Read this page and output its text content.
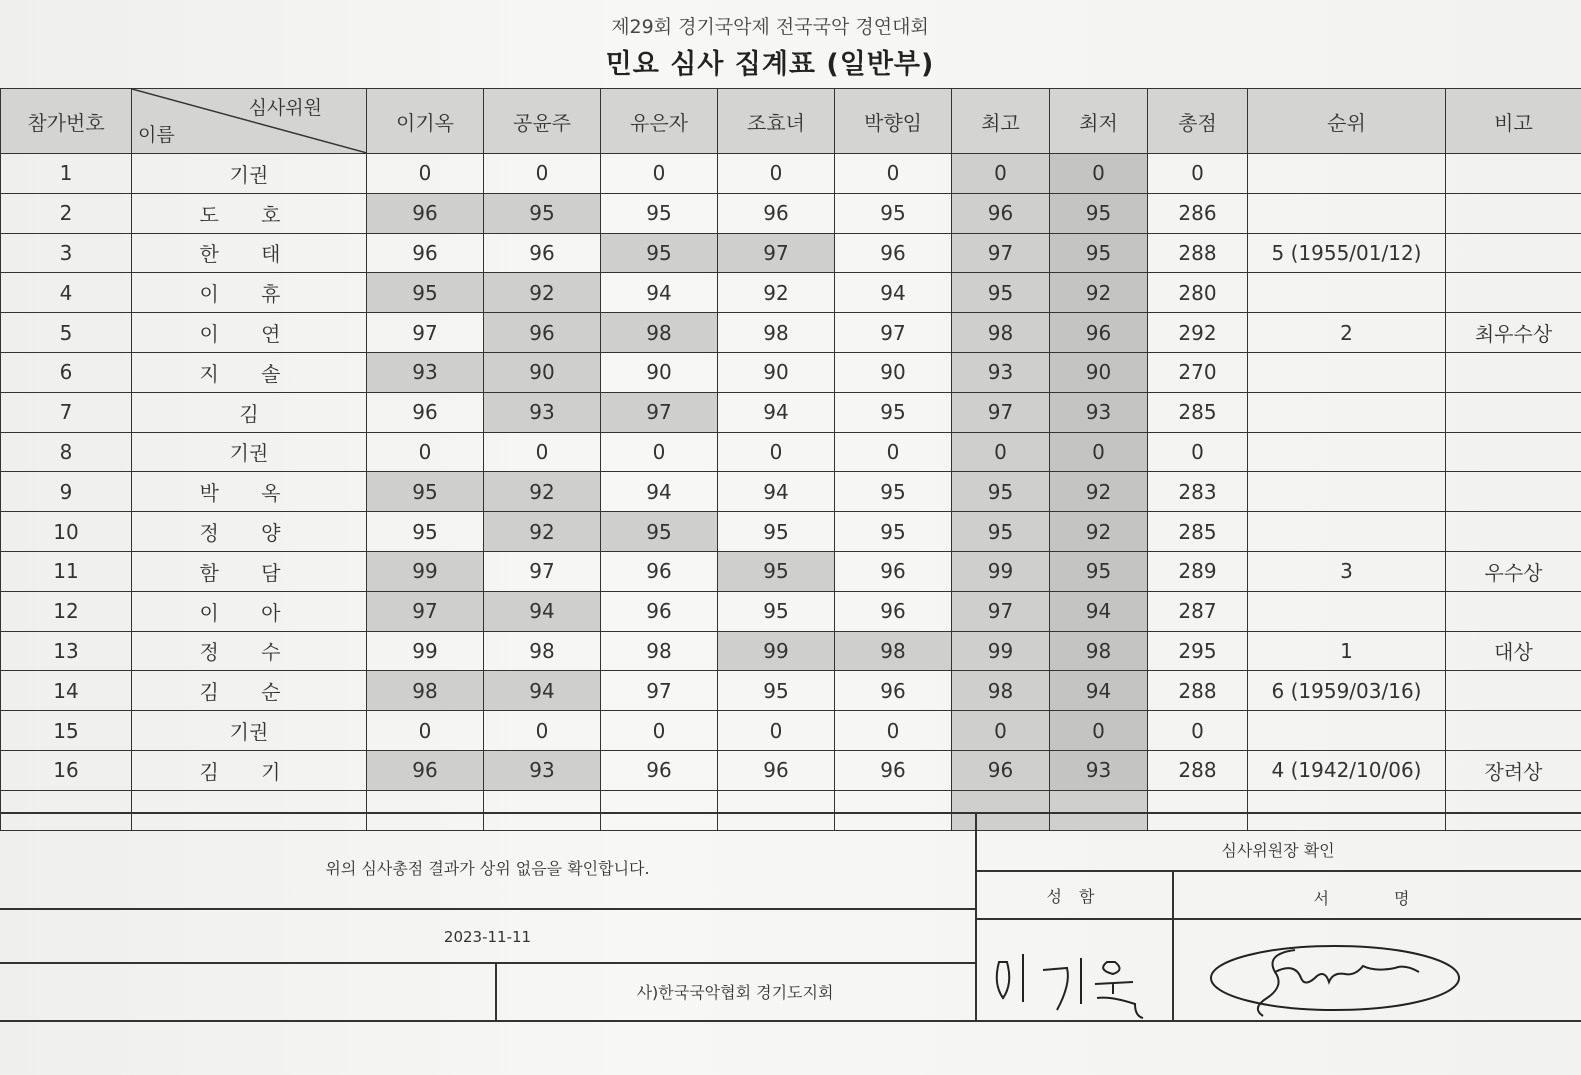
제29회 경기국악제 전국국악 경연대회
민요 심사 집계표 (일반부)
참가번호	심사위원
이름	이기옥	공윤주	유은자	조효녀	박향임	최고	최저	총점	순위	비고
1	기권	0	0	0	0	0	0	0	0		
2	도 호	96	95	95	96	95	96	95	286		
3	한 태	96	96	95	97	96	97	95	288	5 (1955/01/12)	
4	이 휴	95	92	94	92	94	95	92	280		
5	이 연	97	96	98	98	97	98	96	292	2	최우수상
6	지 솔	93	90	90	90	90	93	90	270		
7	김	96	93	97	94	95	97	93	285		
8	기권	0	0	0	0	0	0	0	0		
9	박 옥	95	92	94	94	95	95	92	283		
10	정 양	95	92	95	95	95	95	92	285		
11	함 담	99	97	96	95	96	99	95	289	3	우수상
12	이 아	97	94	96	95	96	97	94	287		
13	정 수	99	98	98	99	98	99	98	295	1	대상
14	김 순	98	94	97	95	96	98	94	288	6 (1959/03/16)	
15	기권	0	0	0	0	0	0	0	0		
16	김 기	96	93	96	96	96	96	93	288	4 (1942/10/06)	장려상

위의 심사총점 결과가 상위 없음을 확인합니다.
2023-11-11
사)한국국악협회 경기도지회
심사위원장 확인
성 함	서 명
